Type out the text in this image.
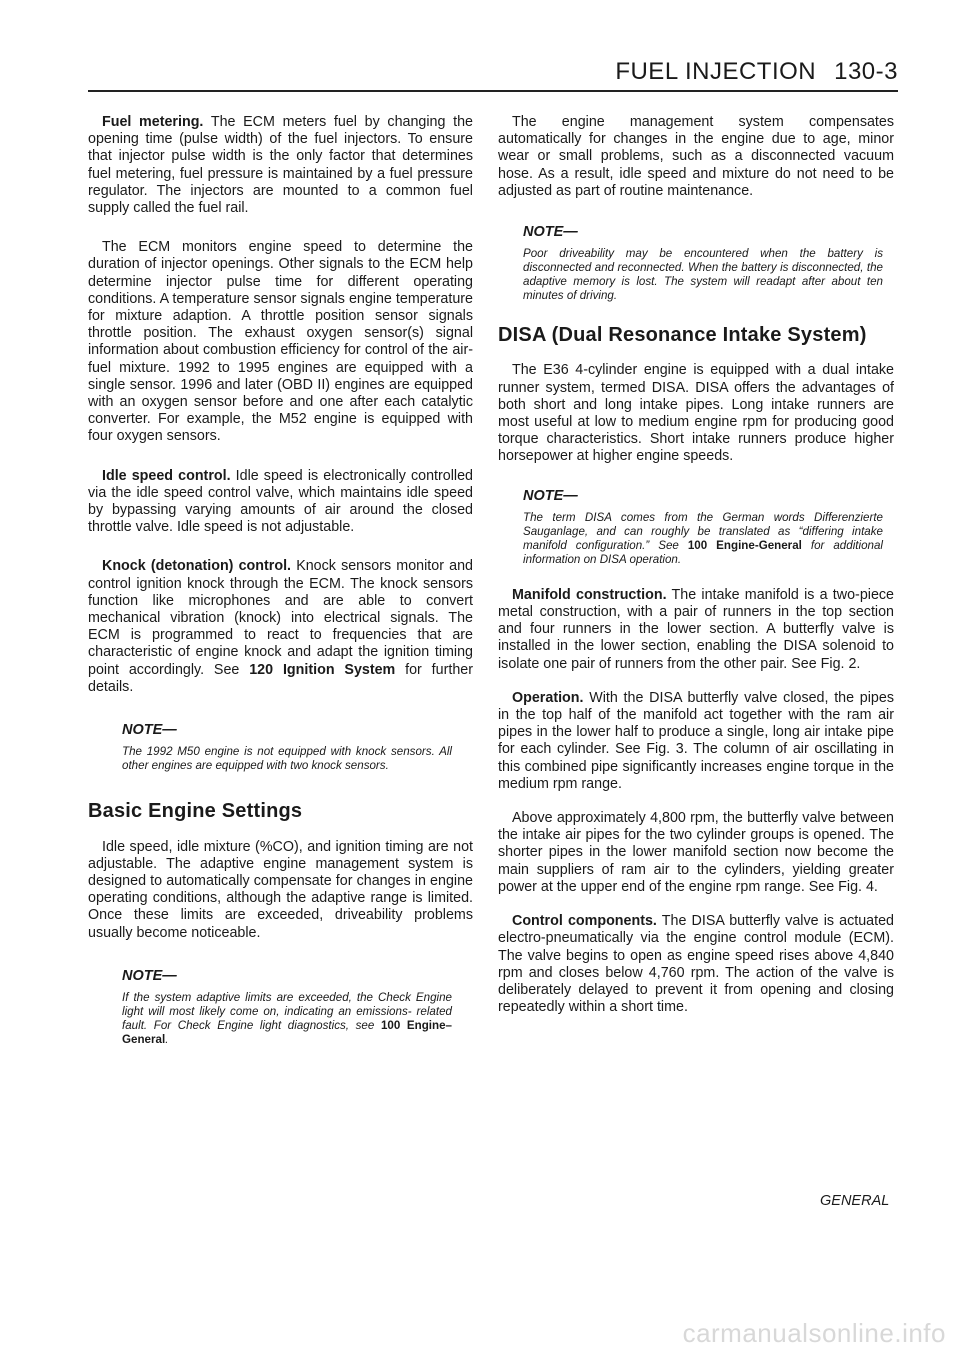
FUEL INJECTION 130-3

Fuel metering. The ECM meters fuel by changing the opening time (pulse width) of the fuel injectors. To ensure that injector pulse width is the only factor that determines fuel metering, fuel pressure is maintained by a fuel pressure regulator. The injectors are mounted to a common fuel supply called the fuel rail.

The ECM monitors engine speed to determine the duration of injector openings. Other signals to the ECM help determine injector pulse time for different operating conditions. A temperature sensor signals engine temperature for mixture adaption. A throttle position sensor signals throttle position. The exhaust oxygen sensor(s) signal information about combustion efficiency for control of the air-fuel mixture. 1992 to 1995 engines are equipped with a single sensor. 1996 and later (OBD II) engines are equipped with an oxygen sensor before and one after each catalytic converter. For example, the M52 engine is equipped with four oxygen sensors.

Idle speed control. Idle speed is electronically controlled via the idle speed control valve, which maintains idle speed by bypassing varying amounts of air around the closed throttle valve. Idle speed is not adjustable.

Knock (detonation) control. Knock sensors monitor and control ignition knock through the ECM. The knock sensors function like microphones and are able to convert mechanical vibration (knock) into electrical signals. The ECM is programmed to react to frequencies that are characteristic of engine knock and adapt the ignition timing point accordingly. See 120 Ignition System for further details.

NOTE—

The 1992 M50 engine is not equipped with knock sensors. All other engines are equipped with two knock sensors.

Basic Engine Settings

Idle speed, idle mixture (%CO), and ignition timing are not adjustable. The adaptive engine management system is designed to automatically compensate for changes in engine operating conditions, although the adaptive range is limited. Once these limits are exceeded, driveability problems usually become noticeable.

NOTE—

If the system adaptive limits are exceeded, the Check Engine light will most likely come on, indicating an emissions- related fault. For Check Engine light diagnostics, see 100 Engine–General.

The engine management system compensates automatically for changes in the engine due to age, minor wear or small problems, such as a disconnected vacuum hose. As a result, idle speed and mixture do not need to be adjusted as part of routine maintenance.

NOTE—

Poor driveability may be encountered when the battery is disconnected and reconnected. When the battery is disconnected, the adaptive memory is lost. The system will readapt after about ten minutes of driving.

DISA (Dual Resonance Intake System)

The E36 4-cylinder engine is equipped with a dual intake runner system, termed DISA. DISA offers the advantages of both short and long intake pipes. Long intake runners are most useful at low to medium engine rpm for producing good torque characteristics. Short intake runners produce higher horsepower at higher engine speeds.

NOTE—

The term DISA comes from the German words Differenzierte Sauganlage, and can roughly be translated as “differing intake manifold configuration.” See 100 Engine-General for additional information on DISA operation.

Manifold construction. The intake manifold is a two-piece metal construction, with a pair of runners in the top section and four runners in the lower section. A butterfly valve is installed in the lower section, enabling the DISA solenoid to isolate one pair of runners from the other pair. See Fig. 2.

Operation. With the DISA butterfly valve closed, the pipes in the top half of the manifold act together with the ram air pipes in the lower half to produce a single, long air intake pipe for each cylinder. See Fig. 3. The column of air oscillating in this combined pipe significantly increases engine torque in the medium rpm range.

Above approximately 4,800 rpm, the butterfly valve between the intake air pipes for the two cylinder groups is opened. The shorter pipes in the lower manifold section now become the main suppliers of ram air to the cylinders, yielding greater power at the upper end of the engine rpm range. See Fig. 4.

Control components. The DISA butterfly valve is actuated electro-pneumatically via the engine control module (ECM). The valve begins to open as engine speed rises above 4,840 rpm and closes below 4,760 rpm. The action of the valve is deliberately delayed to prevent it from opening and closing repeatedly within a short time.

GENERAL
carmanualsonline.info
